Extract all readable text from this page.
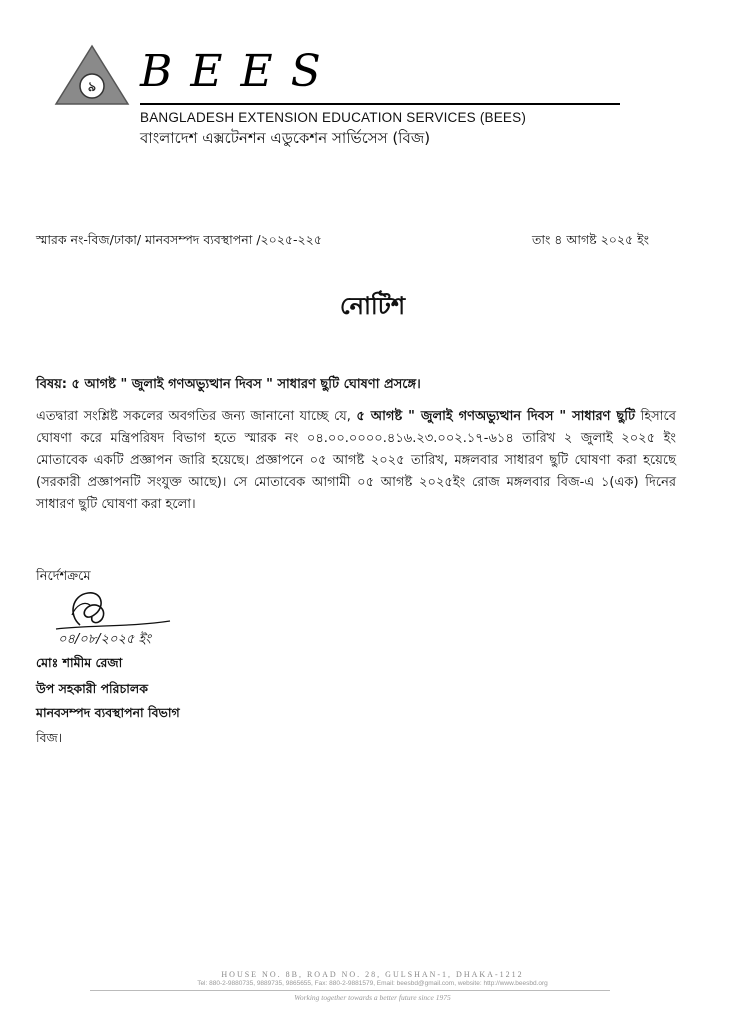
৯ BEES
BANGLADESH EXTENSION EDUCATION SERVICES (BEES)
বাংলাদেশ এক্সটেনশন এডুকেশন সার্ভিসেস (বিজ)
স্মারক নং-বিজ/ঢাকা/ মানবসম্পদ ব্যবস্থাপনা /২০২৫-২২৫	তাং ৪ আগষ্ট ২০২৫ ইং
নোটিশ
বিষয়: ৫ আগষ্ট " জুলাই গণঅভ্যুত্থান দিবস " সাধারণ ছুটি ঘোষণা প্রসঙ্গে।
এতদ্বারা সংশ্লিষ্ট সকলের অবগতির জন্য জানানো যাচ্ছে যে, ৫ আগষ্ট " জুলাই গণঅভ্যুত্থান দিবস " সাধারণ ছুটি হিসাবে ঘোষণা করে মন্ত্রিপরিষদ বিভাগ হতে স্মারক নং ০৪.০০.০০০০.৪১৬.২৩.০০২.১৭-৬১৪ তারিখ ২ জুলাই ২০২৫ ইং মোতাবেক একটি প্রজ্ঞাপন জারি হয়েছে। প্রজ্ঞাপনে ০৫ আগষ্ট ২০২৫ তারিখ, মঙ্গলবার সাধারণ ছুটি ঘোষণা করা হয়েছে (সরকারী প্রজ্ঞাপনটি সংযুক্ত আছে)। সে মোতাবেক আগামী ০৫ আগষ্ট ২০২৫ইং রোজ মঙ্গলবার বিজ-এ ১(এক) দিনের সাধারণ ছুটি ঘোষণা করা হলো।
নির্দেশক্রমে
০৪/০৮/২০২৫ ইং
মোঃ শামীম রেজা
উপ সহকারী পরিচালক
মানবসম্পদ ব্যবস্থাপনা বিভাগ
বিজ।
HOUSE NO. 8B, ROAD NO. 28, GULSHAN-1, DHAKA-1212
Tel: 880-2-9880735, 9889735, 9865655, Fax: 880-2-9881579, Email: beesbd@gmail.com, website: http://www.beesbd.org
Working together towards a better future since 1975
